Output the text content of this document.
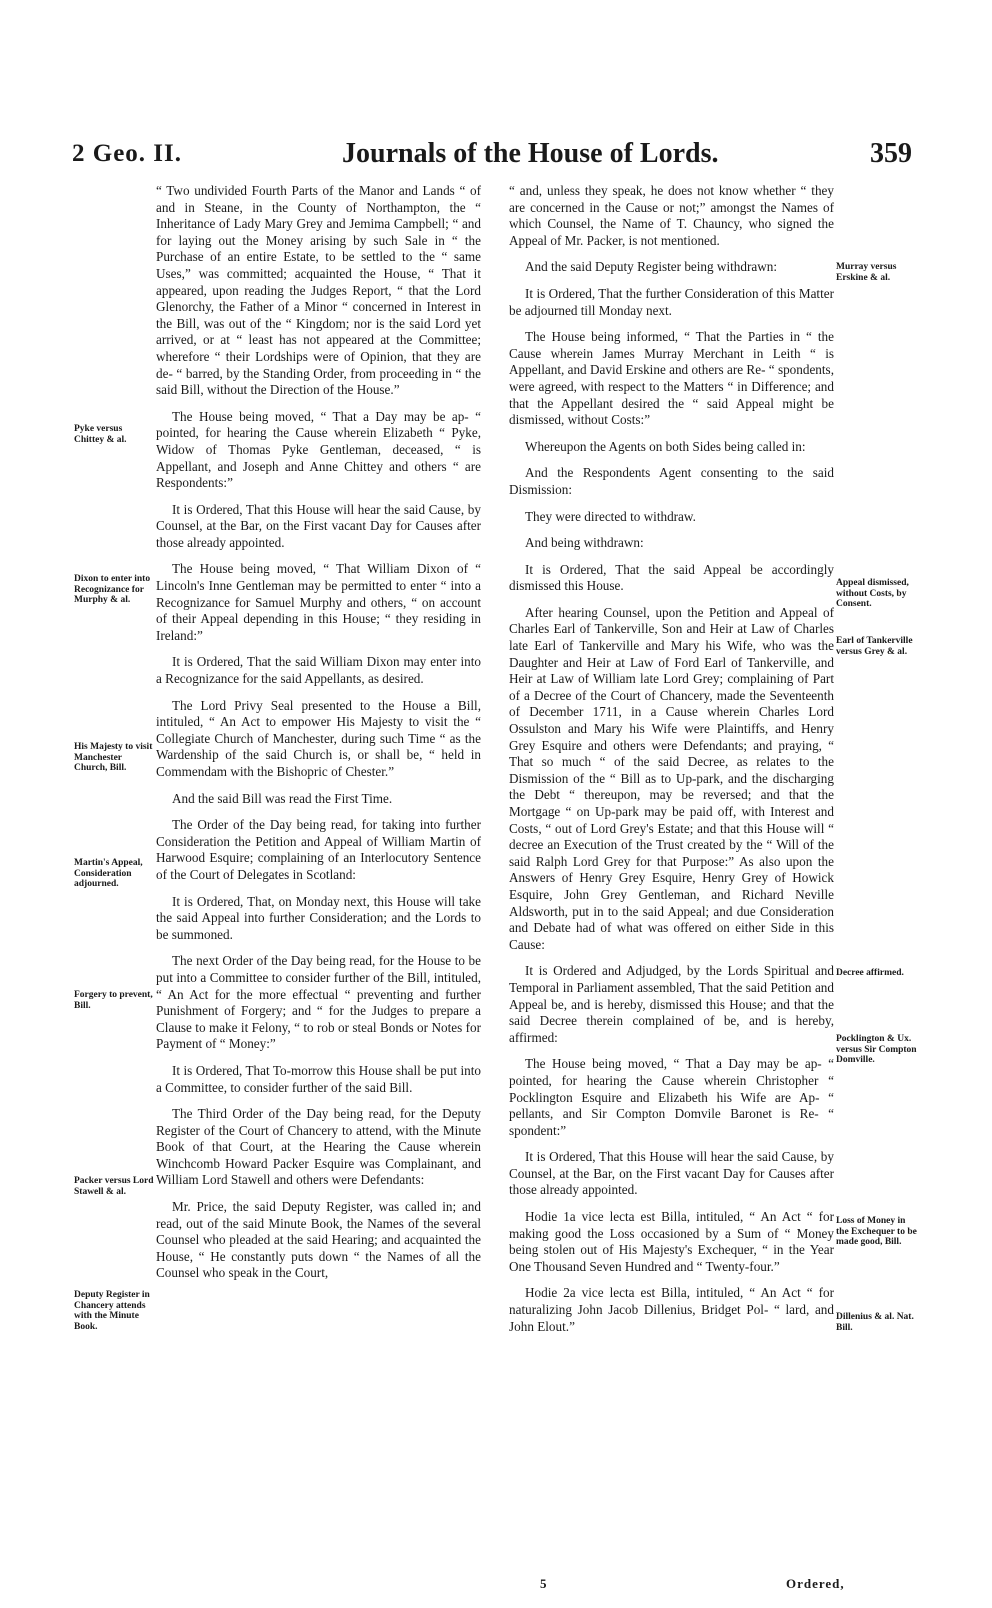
2 Geo. II.	Journals of the House of Lords.	359
Pyke versus Chittey & al.
Dixon to enter into Recognizance for Murphy & al.
His Majesty to visit Manchester Church, Bill.
Martin's Appeal, Consideration adjourned.
Forgery to prevent, Bill.
Packer versus Lord Stawell & al.
Deputy Register in Chancery attends with the Minute Book.

“ Two undivided Fourth Parts of the Manor and Lands “ of and in Steane, in the County of Northampton, the “ Inheritance of Lady Mary Grey and Jemima Campbell; “ and for laying out the Money arising by such Sale in “ the Purchase of an entire Estate, to be settled to the “ same Uses,” was committed; acquainted the House, “ That it appeared, upon reading the Judges Report, “ that the Lord Glenorchy, the Father of a Minor “ concerned in Interest in the Bill, was out of the “ Kingdom; nor is the said Lord yet arrived, or at “ least has not appeared at the Committee; wherefore “ their Lordships were of Opinion, that they are de- “ barred, by the Standing Order, from proceeding in “ the said Bill, without the Direction of the House.”

The House being moved, “ That a Day may be ap- “ pointed, for hearing the Cause wherein Elizabeth “ Pyke, Widow of Thomas Pyke Gentleman, deceased, “ is Appellant, and Joseph and Anne Chittey and others “ are Respondents:”

It is Ordered, That this House will hear the said Cause, by Counsel, at the Bar, on the First vacant Day for Causes after those already appointed.

The House being moved, “ That William Dixon of “ Lincoln's Inne Gentleman may be permitted to enter “ into a Recognizance for Samuel Murphy and others, “ on account of their Appeal depending in this House; “ they residing in Ireland:”

It is Ordered, That the said William Dixon may enter into a Recognizance for the said Appellants, as desired.

The Lord Privy Seal presented to the House a Bill, intituled, “ An Act to empower His Majesty to visit the “ Collegiate Church of Manchester, during such Time “ as the Wardenship of the said Church is, or shall be, “ held in Commendam with the Bishopric of Chester.”

And the said Bill was read the First Time.

The Order of the Day being read, for taking into further Consideration the Petition and Appeal of William Martin of Harwood Esquire; complaining of an Interlocutory Sentence of the Court of Delegates in Scotland:

It is Ordered, That, on Monday next, this House will take the said Appeal into further Consideration; and the Lords to be summoned.

The next Order of the Day being read, for the House to be put into a Committee to consider further of the Bill, intituled, “ An Act for the more effectual “ preventing and further Punishment of Forgery; and “ for the Judges to prepare a Clause to make it Felony, “ to rob or steal Bonds or Notes for Payment of “ Money:”

It is Ordered, That To-morrow this House shall be put into a Committee, to consider further of the said Bill.

The Third Order of the Day being read, for the Deputy Register of the Court of Chancery to attend, with the Minute Book of that Court, at the Hearing the Cause wherein Winchcomb Howard Packer Esquire was Complainant, and William Lord Stawell and others were Defendants:

Mr. Price, the said Deputy Register, was called in; and read, out of the said Minute Book, the Names of the several Counsel who pleaded at the said Hearing; and acquainted the House, “ He constantly puts down “ the Names of all the Counsel who speak in the Court,

Murray versus Erskine & al.
Appeal dismissed, without Costs, by Consent.
Earl of Tankerville versus Grey & al.
Decree affirmed.
Pocklington & Ux. versus Sir Compton Domville.
Loss of Money in the Exchequer to be made good, Bill.
Dillenius & al. Nat. Bill.

“ and, unless they speak, he does not know whether “ they are concerned in the Cause or not;” amongst the Names of which Counsel, the Name of T. Chauncy, who signed the Appeal of Mr. Packer, is not mentioned.

And the said Deputy Register being withdrawn:

It is Ordered, That the further Consideration of this Matter be adjourned till Monday next.

The House being informed, “ That the Parties in “ the Cause wherein James Murray Merchant in Leith “ is Appellant, and David Erskine and others are Re- “ spondents, were agreed, with respect to the Matters “ in Difference; and that the Appellant desired the “ said Appeal might be dismissed, without Costs:”

Whereupon the Agents on both Sides being called in:

And the Respondents Agent consenting to the said Dismission:

They were directed to withdraw.

And being withdrawn:

It is Ordered, That the said Appeal be accordingly dismissed this House.

After hearing Counsel, upon the Petition and Appeal of Charles Earl of Tankerville, Son and Heir at Law of Charles late Earl of Tankerville and Mary his Wife, who was the Daughter and Heir at Law of Ford Earl of Tankerville, and Heir at Law of William late Lord Grey; complaining of Part of a Decree of the Court of Chancery, made the Seventeenth of December 1711, in a Cause wherein Charles Lord Ossulston and Mary his Wife were Plaintiffs, and Henry Grey Esquire and others were Defendants; and praying, “ That so much “ of the said Decree, as relates to the Dismission of the “ Bill as to Up-park, and the discharging the Debt “ thereupon, may be reversed; and that the Mortgage “ on Up-park may be paid off, with Interest and Costs, “ out of Lord Grey's Estate; and that this House will “ decree an Execution of the Trust created by the “ Will of the said Ralph Lord Grey for that Purpose:” As also upon the Answers of Henry Grey Esquire, Henry Grey of Howick Esquire, John Grey Gentleman, and Richard Neville Aldsworth, put in to the said Appeal; and due Consideration and Debate had of what was offered on either Side in this Cause:

It is Ordered and Adjudged, by the Lords Spiritual and Temporal in Parliament assembled, That the said Petition and Appeal be, and is hereby, dismissed this House; and that the said Decree therein complained of be, and is hereby, affirmed:

The House being moved, “ That a Day may be ap- “ pointed, for hearing the Cause wherein Christopher “ Pocklington Esquire and Elizabeth his Wife are Ap- “ pellants, and Sir Compton Domvile Baronet is Re- “ spondent:”

It is Ordered, That this House will hear the said Cause, by Counsel, at the Bar, on the First vacant Day for Causes after those already appointed.

Hodie 1a vice lecta est Billa, intituled, “ An Act “ for making good the Loss occasioned by a Sum of “ Money being stolen out of His Majesty's Exchequer, “ in the Year One Thousand Seven Hundred and “ Twenty-four.”

Hodie 2a vice lecta est Billa, intituled, “ An Act “ for naturalizing John Jacob Dillenius, Bridget Pol- “ lard, and John Elout.”

5	Ordered,
